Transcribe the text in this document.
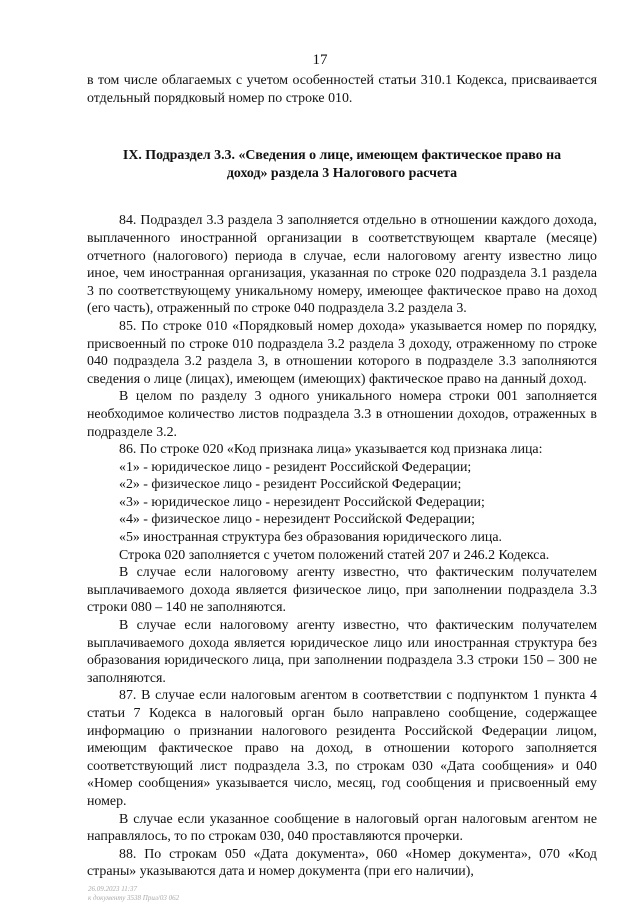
17

в том числе облагаемых с учетом особенностей статьи 310.1 Кодекса, присваивается отдельный порядковый номер по строке 010.

IX. Подраздел 3.3. «Сведения о лице, имеющем фактическое право на доход» раздела 3 Налогового расчета

84. Подраздел 3.3 раздела 3 заполняется отдельно в отношении каждого дохода, выплаченного иностранной организации в соответствующем квартале (месяце) отчетного (налогового) периода в случае, если налоговому агенту известно лицо иное, чем иностранная организация, указанная по строке 020 подраздела 3.1 раздела 3 по соответствующему уникальному номеру, имеющее фактическое право на доход (его часть), отраженный по строке 040 подраздела 3.2 раздела 3.

85. По строке 010 «Порядковый номер дохода» указывается номер по порядку, присвоенный по строке 010 подраздела 3.2 раздела 3 доходу, отраженному по строке 040 подраздела 3.2 раздела 3, в отношении которого в подразделе 3.3 заполняются сведения о лице (лицах), имеющем (имеющих) фактическое право на данный доход.

В целом по разделу 3 одного уникального номера строки 001 заполняется необходимое количество листов подраздела 3.3 в отношении доходов, отраженных в подразделе 3.2.

86. По строке 020 «Код признака лица» указывается код признака лица:

«1» - юридическое лицо - резидент Российской Федерации;

«2» - физическое лицо - резидент Российской Федерации;

«3» - юридическое лицо - нерезидент Российской Федерации;

«4» - физическое лицо - нерезидент Российской Федерации;

«5» иностранная структура без образования юридического лица.

Строка 020 заполняется с учетом положений статей 207 и 246.2 Кодекса.

В случае если налоговому агенту известно, что фактическим получателем выплачиваемого дохода является физическое лицо, при заполнении подраздела 3.3 строки 080 – 140 не заполняются.

В случае если налоговому агенту известно, что фактическим получателем выплачиваемого дохода является юридическое лицо или иностранная структура без образования юридического лица, при заполнении подраздела 3.3 строки 150 – 300 не заполняются.

87. В случае если налоговым агентом в соответствии с подпунктом 1 пункта 4 статьи 7 Кодекса в налоговый орган было направлено сообщение, содержащее информацию о признании налогового резидента Российской Федерации лицом, имеющим фактическое право на доход, в отношении которого заполняется соответствующий лист подраздела 3.3, по строкам 030 «Дата сообщения» и 040 «Номер сообщения» указывается число, месяц, год сообщения и присвоенный ему номер.

В случае если указанное сообщение в налоговый орган налоговым агентом не направлялось, то по строкам 030, 040 проставляются прочерки.

88. По строкам 050 «Дата документа», 060 «Номер документа», 070 «Код страны» указываются дата и номер документа (при его наличии),

26.09.2023 11:37
к документу 3538 Прил/03 062
